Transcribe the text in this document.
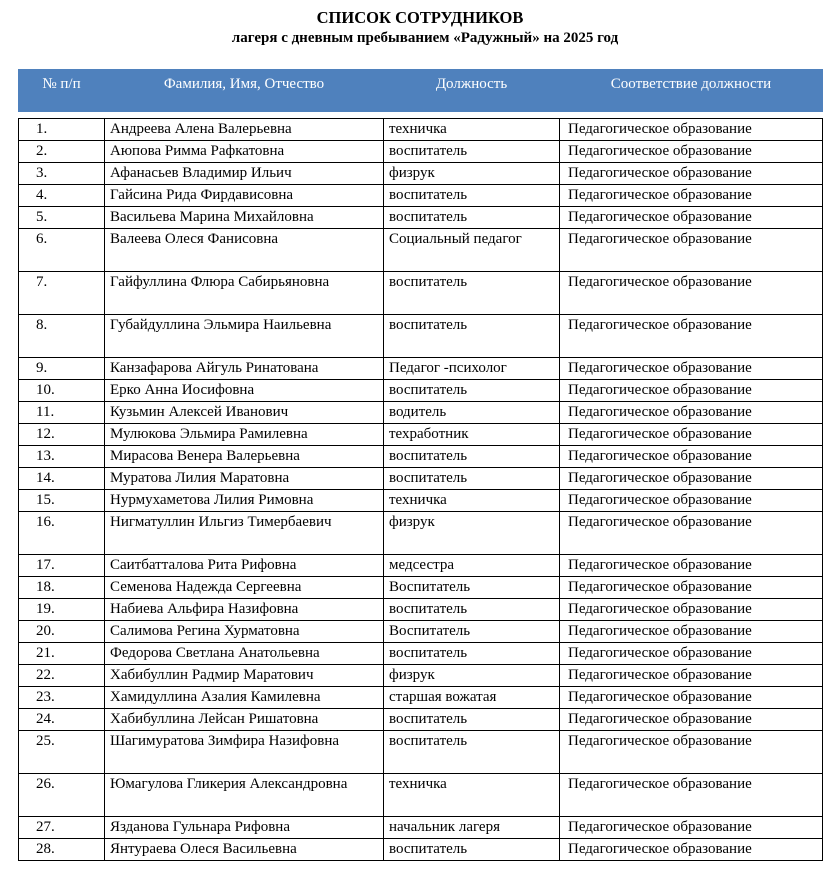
СПИСОК СОТРУДНИКОВ
лагеря с дневным пребыванием «Радужный» на 2025 год
№ п/п	Фамилия, Имя, Отчество	Должность	Соответствие должности

1.	Андреева Алена Валерьевна	техничка	Педагогическое образование
2.	Аюпова Римма Рафкатовна	воспитатель	Педагогическое образование
3.	Афанасьев Владимир Ильич	физрук	Педагогическое образование
4.	Гайсина Рида Фирдависовна	воспитатель	Педагогическое образование
5.	Васильева Марина Михайловна	воспитатель	Педагогическое образование
6.	Валеева Олеся Фанисовна	Социальный педагог	Педагогическое образование
7.	Гайфуллина Флюра Сабирьяновна	воспитатель	Педагогическое образование
8.	Губайдуллина Эльмира Наильевна	воспитатель	Педагогическое образование
9.	Канзафарова Айгуль Ринатована	Педагог -психолог	Педагогическое образование
10.	Ерко Анна Иосифовна	воспитатель	Педагогическое образование
11.	Кузьмин Алексей Иванович	водитель	Педагогическое образование
12.	Мулюкова Эльмира Рамилевна	техработник	Педагогическое образование
13.	Мирасова Венера Валерьевна	воспитатель	Педагогическое образование
14.	Муратова Лилия Маратовна	воспитатель	Педагогическое образование
15.	Нурмухаметова Лилия Римовна	техничка	Педагогическое образование
16.	Нигматуллин Ильгиз Тимербаевич	физрук	Педагогическое образование
17.	Саитбатталова Рита Рифовна	медсестра	Педагогическое образование
18.	Семенова Надежда Сергеевна	Воспитатель	Педагогическое образование
19.	Набиева Альфира Назифовна	воспитатель	Педагогическое образование
20.	Салимова Регина Хурматовна	Воспитатель	Педагогическое образование
21.	Федорова Светлана Анатольевна	воспитатель	Педагогическое образование
22.	Хабибуллин Радмир Маратович	физрук	Педагогическое образование
23.	Хамидуллина Азалия Камилевна	старшая вожатая	Педагогическое образование
24.	Хабибуллина Лейсан Ришатовна	воспитатель	Педагогическое образование
25.	Шагимуратова Зимфира Назифовна	воспитатель	Педагогическое образование
26.	Юмагулова Гликерия Александровна	техничка	Педагогическое образование
27.	Язданова Гульнара Рифовна	начальник лагеря	Педагогическое образование
28.	Янтураева Олеся Васильевна	воспитатель	Педагогическое образование
